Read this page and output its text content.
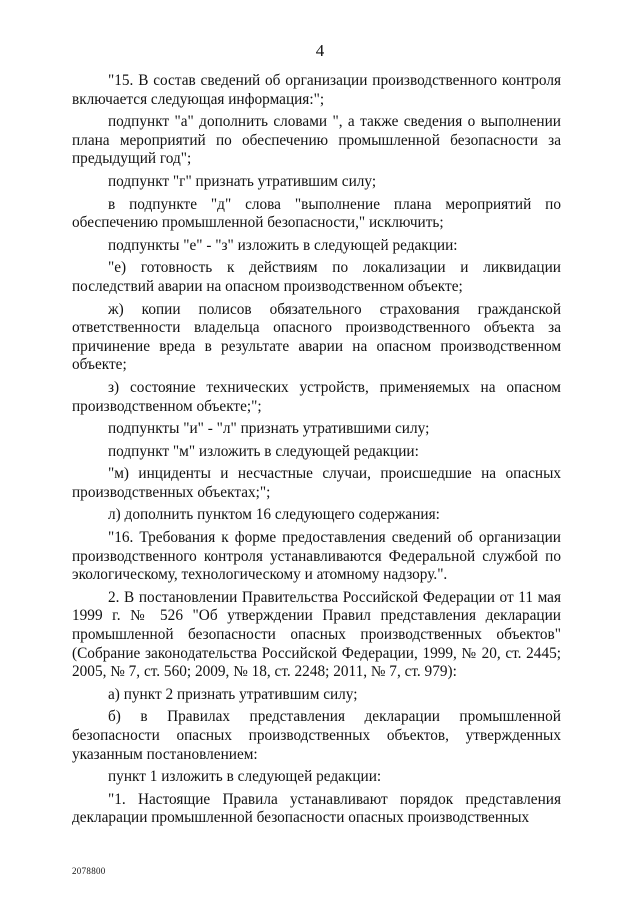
4

"15. В состав сведений об организации производственного контроля включается следующая информация:";

подпункт "а" дополнить словами ", а также сведения о выполнении плана мероприятий по обеспечению промышленной безопасности за предыдущий год";

подпункт "г" признать утратившим силу;

в подпункте "д" слова "выполнение плана мероприятий по обеспечению промышленной безопасности," исключить;

подпункты "е" - "з" изложить в следующей редакции:

"е) готовность к действиям по локализации и ликвидации последствий аварии на опасном производственном объекте;

ж) копии полисов обязательного страхования гражданской ответственности владельца опасного производственного объекта за причинение вреда в результате аварии на опасном производственном объекте;

з) состояние технических устройств, применяемых на опасном производственном объекте;";

подпункты "и" - "л" признать утратившими силу;

подпункт "м" изложить в следующей редакции:

"м) инциденты и несчастные случаи, происшедшие на опасных производственных объектах;";

л) дополнить пунктом 16 следующего содержания:

"16. Требования к форме предоставления сведений об организации производственного контроля устанавливаются Федеральной службой по экологическому, технологическому и атомному надзору.".

2. В постановлении Правительства Российской Федерации от 11 мая 1999 г. № 526 "Об утверждении Правил представления декларации промышленной безопасности опасных производственных объектов" (Собрание законодательства Российской Федерации, 1999, № 20, ст. 2445; 2005, № 7, ст. 560; 2009, № 18, ст. 2248; 2011, № 7, ст. 979):

а) пункт 2 признать утратившим силу;

б) в Правилах представления декларации промышленной безопасности опасных производственных объектов, утвержденных указанным постановлением:

пункт 1 изложить в следующей редакции:

"1. Настоящие Правила устанавливают порядок представления декларации промышленной безопасности опасных производственных

2078800
